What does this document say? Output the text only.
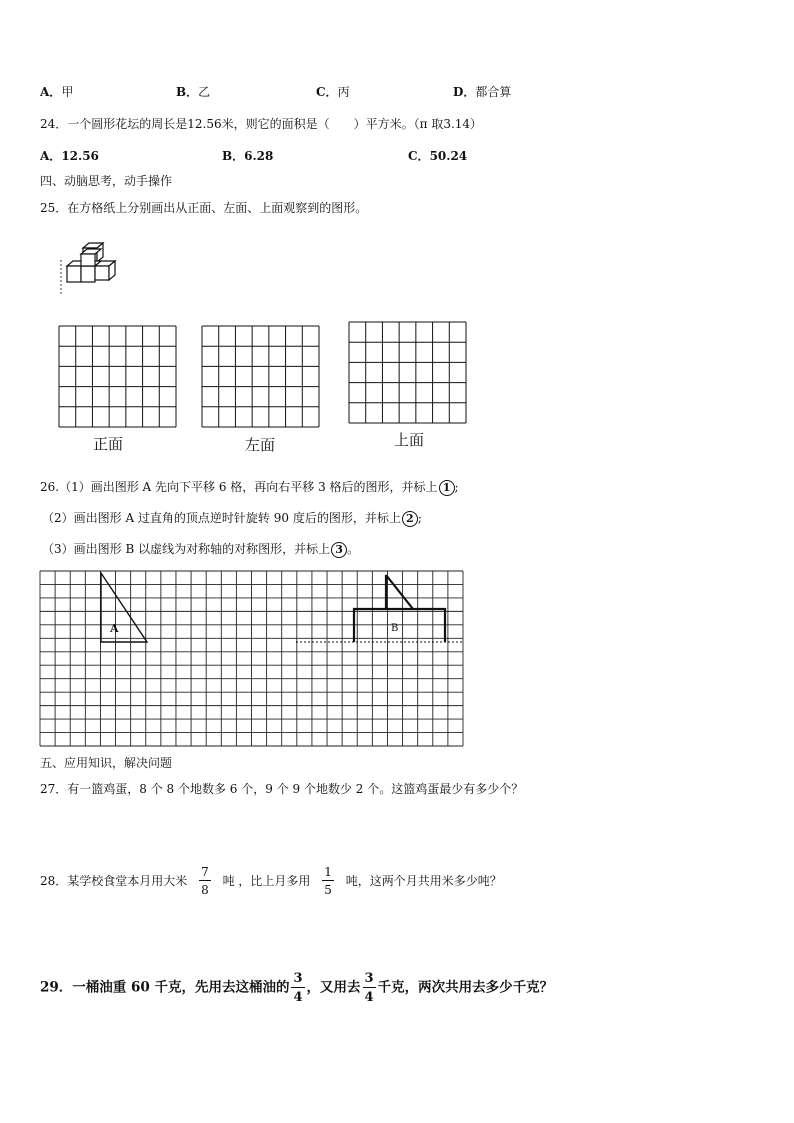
A．甲	B．乙	C．丙	D．都合算
24．一个圆形花坛的周长是12.56米，则它的面积是（　　）平方米。（π 取3.14）
A．12.56	B．6.28	C．50.24
四、动脑思考，动手操作
25．在方格纸上分别画出从正面、左面、上面观察到的图形。
正面	左面	上面
26.（1）画出图形 A 先向下平移 6 格，再向右平移 3 格后的图形，并标上 1 ;
（2）画出图形 A 过直角的顶点逆时针旋转 90 度后的图形，并标上 2 ;
（3）画出图形 B 以虚线为对称轴的对称图形，并标上 3 。
A	B
五、应用知识，解决问题
27．有一篮鸡蛋，8 个 8 个地数多 6 个，9 个 9 个地数少 2 个。这篮鸡蛋最少有多少个？
28．某学校食堂本月用大米 $\frac{7}{8}$ 吨 ，比上月多用 $\frac{1}{5}$ 吨，这两个月共用米多少吨？
29．一桶油重 60 千克，先用去这桶油的 $\frac{3}{4}$ ，又用去 $\frac{3}{4}$ 千克，两次共用去多少千克？
